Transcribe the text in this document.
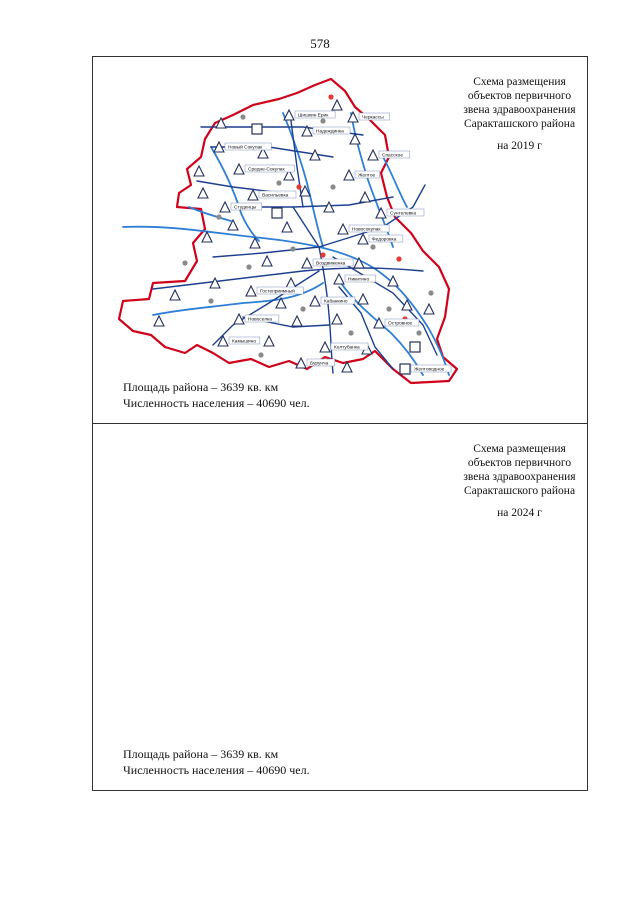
578
Шишкин Ерик	Черкассы
Надеждинка
Новый Сокулак
Спасское
Средне-Сокулак
Желтое
Васильевка
Студенцы
Сунтелевка
Новосокулак
Федоровка
Воздвиженка
Никитино
Гостеприимный
Кабанкино
Новоселка
Островное
Камышино
Колтубанка
Бурунча
Желтоводное
Схема размещения
объектов первичного
звена здравоохранения
Саракташского района
на 2019 г
Площадь района – 3639 кв. км
Численность населения – 40690 чел.
Схема размещения
объектов первичного
звена здравоохранения
Саракташского района
на 2024 г
Площадь района – 3639 кв. км
Численность населения – 40690 чел.
